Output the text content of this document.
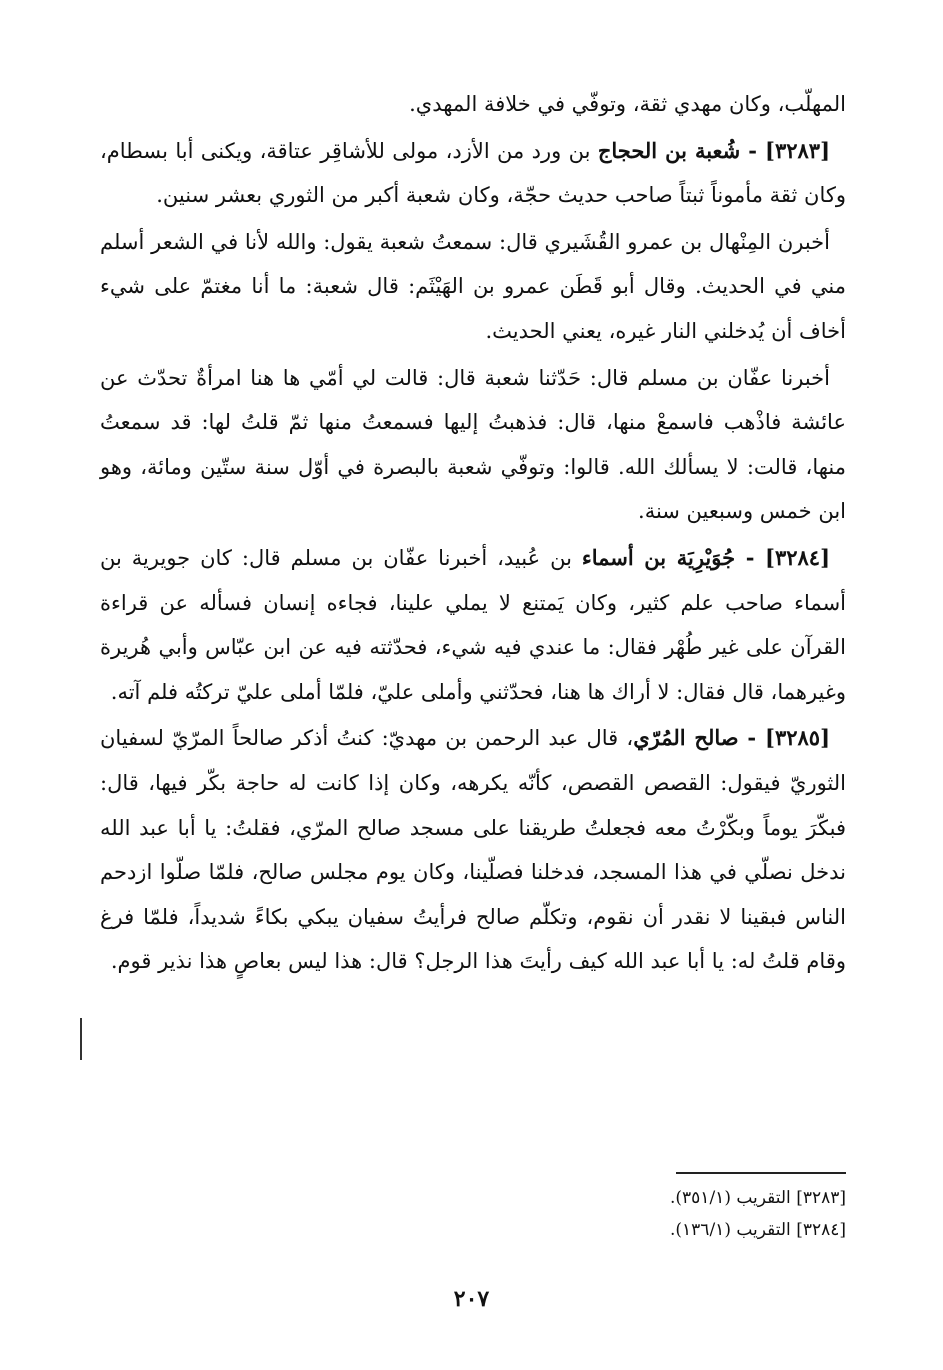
المهلّب، وكان مهدي ثقة، وتوفّي في خلافة المهدي.

[٣٢٨٣] - شُعبة بن الحجاج بن ورد من الأزد، مولى للأشاقِر عتاقة، ويكنى أبا بسطام، وكان ثقة مأموناً ثبتاً صاحب حديث حجّة، وكان شعبة أكبر من الثوري بعشر سنين.

أخبرن المِنْهال بن عمرو القُشَيري قال: سمعتُ شعبة يقول: والله لأنا في الشعر أسلم مني في الحديث. وقال أبو قَطَن عمرو بن الهَيْثَم: قال شعبة: ما أنا مغتمّ على شيء أخاف أن يُدخلني النار غيره، يعني الحديث.

أخبرنا عفّان بن مسلم قال: حَدّثنا شعبة قال: قالت لي أمّي ها هنا امرأةٌ تحدّث عن عائشة فاذْهب فاسمعْ منها، قال: فذهبتُ إليها فسمعتُ منها ثمّ قلتُ لها: قد سمعتُ منها، قالت: لا يسألك الله. قالوا: وتوفّي شعبة بالبصرة في أوّل سنة ستّين ومائة، وهو ابن خمس وسبعين سنة.

[٣٢٨٤] - جُوَيْرِيَة بن أسماء بن عُبيد، أخبرنا عفّان بن مسلم قال: كان جويرية بن أسماء صاحب علم كثير، وكان يَمتنع لا يملي علينا، فجاءه إنسان فسأله عن قراءة القرآن على غير طُهْر فقال: ما عندي فيه شيء، فحدّثته فيه عن ابن عبّاس وأبي هُريرة وغيرهما، قال فقال: لا أراك ها هنا، فحدّثني وأملى عليّ، فلمّا أملى عليّ تركتُه فلم آته.

[٣٢٨٥] - صالح المُرّي، قال عبد الرحمن بن مهديّ: كنتُ أذكر صالحاً المرّيّ لسفيان الثوريّ فيقول: القصص القصص، كأنّه يكرهه، وكان إذا كانت له حاجة بكّر فيها، قال: فبكّرَ يوماً وبكّرْتُ معه فجعلتُ طريقنا على مسجد صالح المرّي، فقلتُ: يا أبا عبد الله ندخل نصلّي في هذا المسجد، فدخلنا فصلّينا، وكان يوم مجلس صالح، فلمّا صلّوا ازدحم الناس فبقينا لا نقدر أن نقوم، وتكلّم صالح فرأيتُ سفيان يبكي بكاءً شديداً، فلمّا فرغ وقام قلتُ له: يا أبا عبد الله كيف رأيتَ هذا الرجل؟ قال: هذا ليس بعاصٍ هذا نذير قوم.

[٣٢٨٣] التقريب (٣٥١/١).

[٣٢٨٤] التقريب (١٣٦/١).

٢٠٧
